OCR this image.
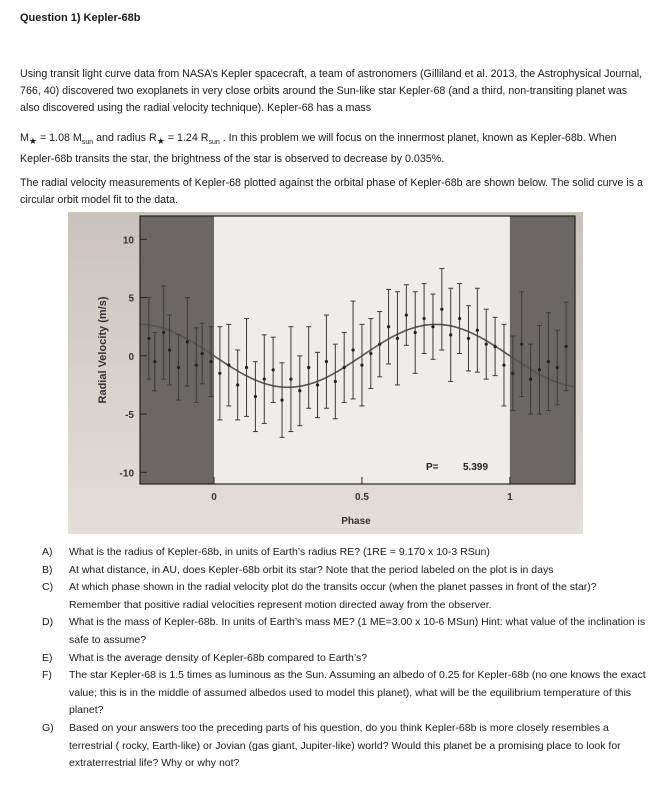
Question 1) Kepler-68b
Using transit light curve data from NASA’s Kepler spacecraft, a team of astronomers (Gilliland et al. 2013, the Astrophysical Journal, 766, 40) discovered two exoplanets in very close orbits around the Sun-like star Kepler-68 (and a third, non-transiting planet was also discovered using the radial velocity technique). Kepler-68 has a mass
$M_★ = 1.08$ $M_{sun}$ and radius $R_★ = 1.24$ $R_{sun}$ . In this problem we will focus on the innermost planet, known as Kepler-68b. When Kepler-68b transits the star, the brightness of the star is observed to decrease by 0.035%.
The radial velocity measurements of Kepler-68 plotted against the orbital phase of Kepler-68b are shown below. The solid curve is a circular orbit model fit to the data.
10
5
0
-5
-10
0	0.5	1
Radial Velocity (m/s)
Phase
P= 5.399
A)	What is the radius of Kepler-68b, in units of Earth’s radius RE? (1RE = 9.170 x 10-3 RSun)
B)	At what distance, in AU, does Kepler-68b orbit its star? Note that the period labeled on the plot is in days
C)	At which phase shown in the radial velocity plot do the transits occur (when the planet passes in front of the star)? Remember that positive radial velocities represent motion directed away from the observer.
D)	What is the mass of Kepler-68b. In units of Earth’s mass ME? (1 ME=3.00 x 10-6 MSun) Hint: what value of the inclination is safe to assume?
E)	What is the average density of Kepler-68b compared to Earth’s?
F)	The star Kepler-68 is 1.5 times as luminous as the Sun. Assuming an albedo of 0.25 for Kepler-68b (no one knows the exact value; this is in the middle of assumed albedos used to model this planet), what will be the equilibrium temperature of this planet?
G)	Based on your answers too the preceding parts of his question, do you think Kepler-68b is more closely resembles a terrestrial ( rocky, Earth-like) or Jovian (gas giant, Jupiter-like) world? Would this planet be a promising place to look for extraterrestrial life? Why or why not?
